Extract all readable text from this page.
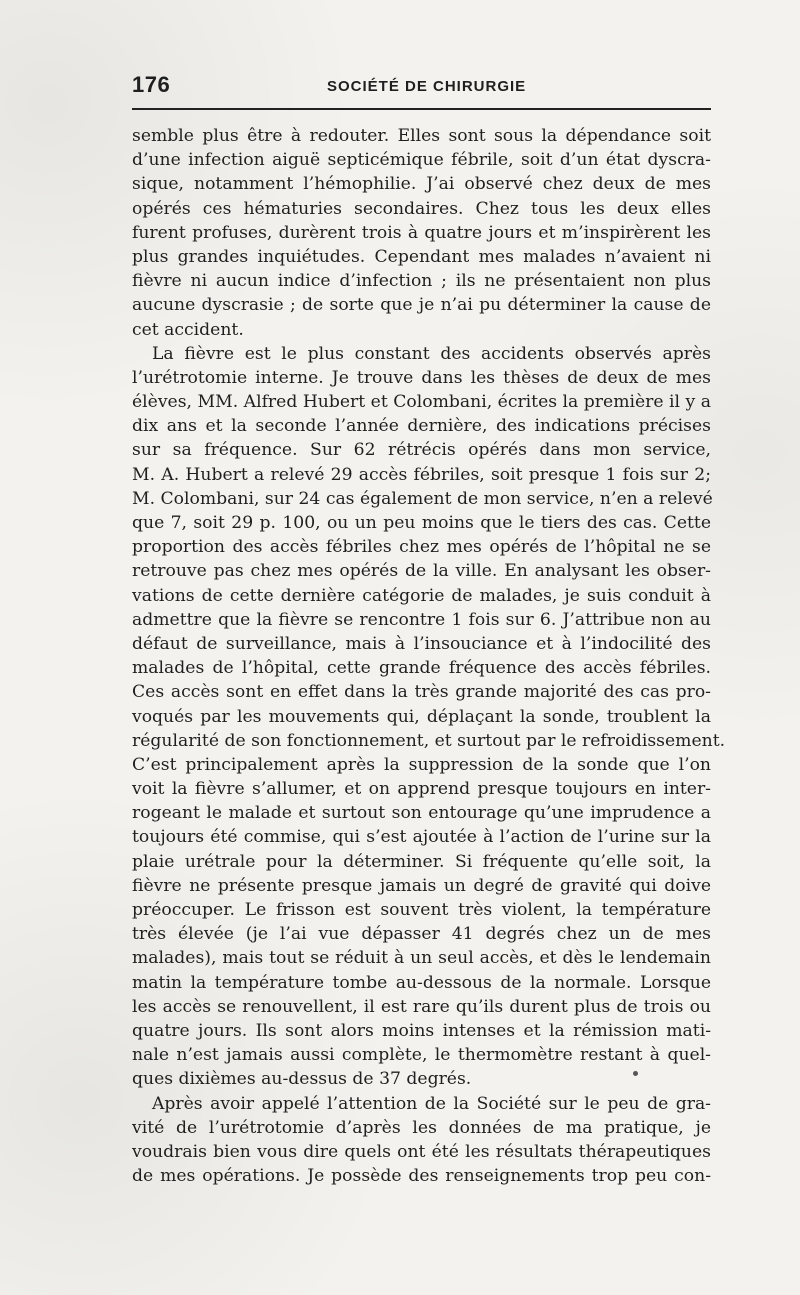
176	SOCIÉTÉ DE CHIRURGIE
semble plus être à redouter. Elles sont sous la dépendance soit
d’une infection aiguë septicémique fébrile, soit d’un état dyscra-
sique, notamment l’hémophilie. J’ai observé chez deux de mes
opérés ces hématuries secondaires. Chez tous les deux elles
furent profuses, durèrent trois à quatre jours et m’inspirèrent les
plus grandes inquiétudes. Cependant mes malades n’avaient ni
fièvre ni aucun indice d’infection ; ils ne présentaient non plus
aucune dyscrasie ; de sorte que je n’ai pu déterminer la cause de
cet accident.
La fièvre est le plus constant des accidents observés après
l’urétrotomie interne. Je trouve dans les thèses de deux de mes
élèves, MM. Alfred Hubert et Colombani, écrites la première il y a
dix ans et la seconde l’année dernière, des indications précises
sur sa fréquence. Sur 62 rétrécis opérés dans mon service,
M. A. Hubert a relevé 29 accès fébriles, soit presque 1 fois sur 2;
M. Colombani, sur 24 cas également de mon service, n’en a relevé
que 7, soit 29 p. 100, ou un peu moins que le tiers des cas. Cette
proportion des accès fébriles chez mes opérés de l’hôpital ne se
retrouve pas chez mes opérés de la ville. En analysant les obser-
vations de cette dernière catégorie de malades, je suis conduit à
admettre que la fièvre se rencontre 1 fois sur 6. J’attribue non au
défaut de surveillance, mais à l’insouciance et à l’indocilité des
malades de l’hôpital, cette grande fréquence des accès fébriles.
Ces accès sont en effet dans la très grande majorité des cas pro-
voqués par les mouvements qui, déplaçant la sonde, troublent la
régularité de son fonctionnement, et surtout par le refroidissement.
C’est principalement après la suppression de la sonde que l’on
voit la fièvre s’allumer, et on apprend presque toujours en inter-
rogeant le malade et surtout son entourage qu’une imprudence a
toujours été commise, qui s’est ajoutée à l’action de l’urine sur la
plaie urétrale pour la déterminer. Si fréquente qu’elle soit, la
fièvre ne présente presque jamais un degré de gravité qui doive
préoccuper. Le frisson est souvent très violent, la température
très élevée (je l’ai vue dépasser 41 degrés chez un de mes
malades), mais tout se réduit à un seul accès, et dès le lendemain
matin la température tombe au-dessous de la normale. Lorsque
les accès se renouvellent, il est rare qu’ils durent plus de trois ou
quatre jours. Ils sont alors moins intenses et la rémission mati-
nale n’est jamais aussi complète, le thermomètre restant à quel-
ques dixièmes au-dessus de 37 degrés.
Après avoir appelé l’attention de la Société sur le peu de gra-
vité de l’urétrotomie d’après les données de ma pratique, je
voudrais bien vous dire quels ont été les résultats thérapeutiques
de mes opérations. Je possède des renseignements trop peu con-
